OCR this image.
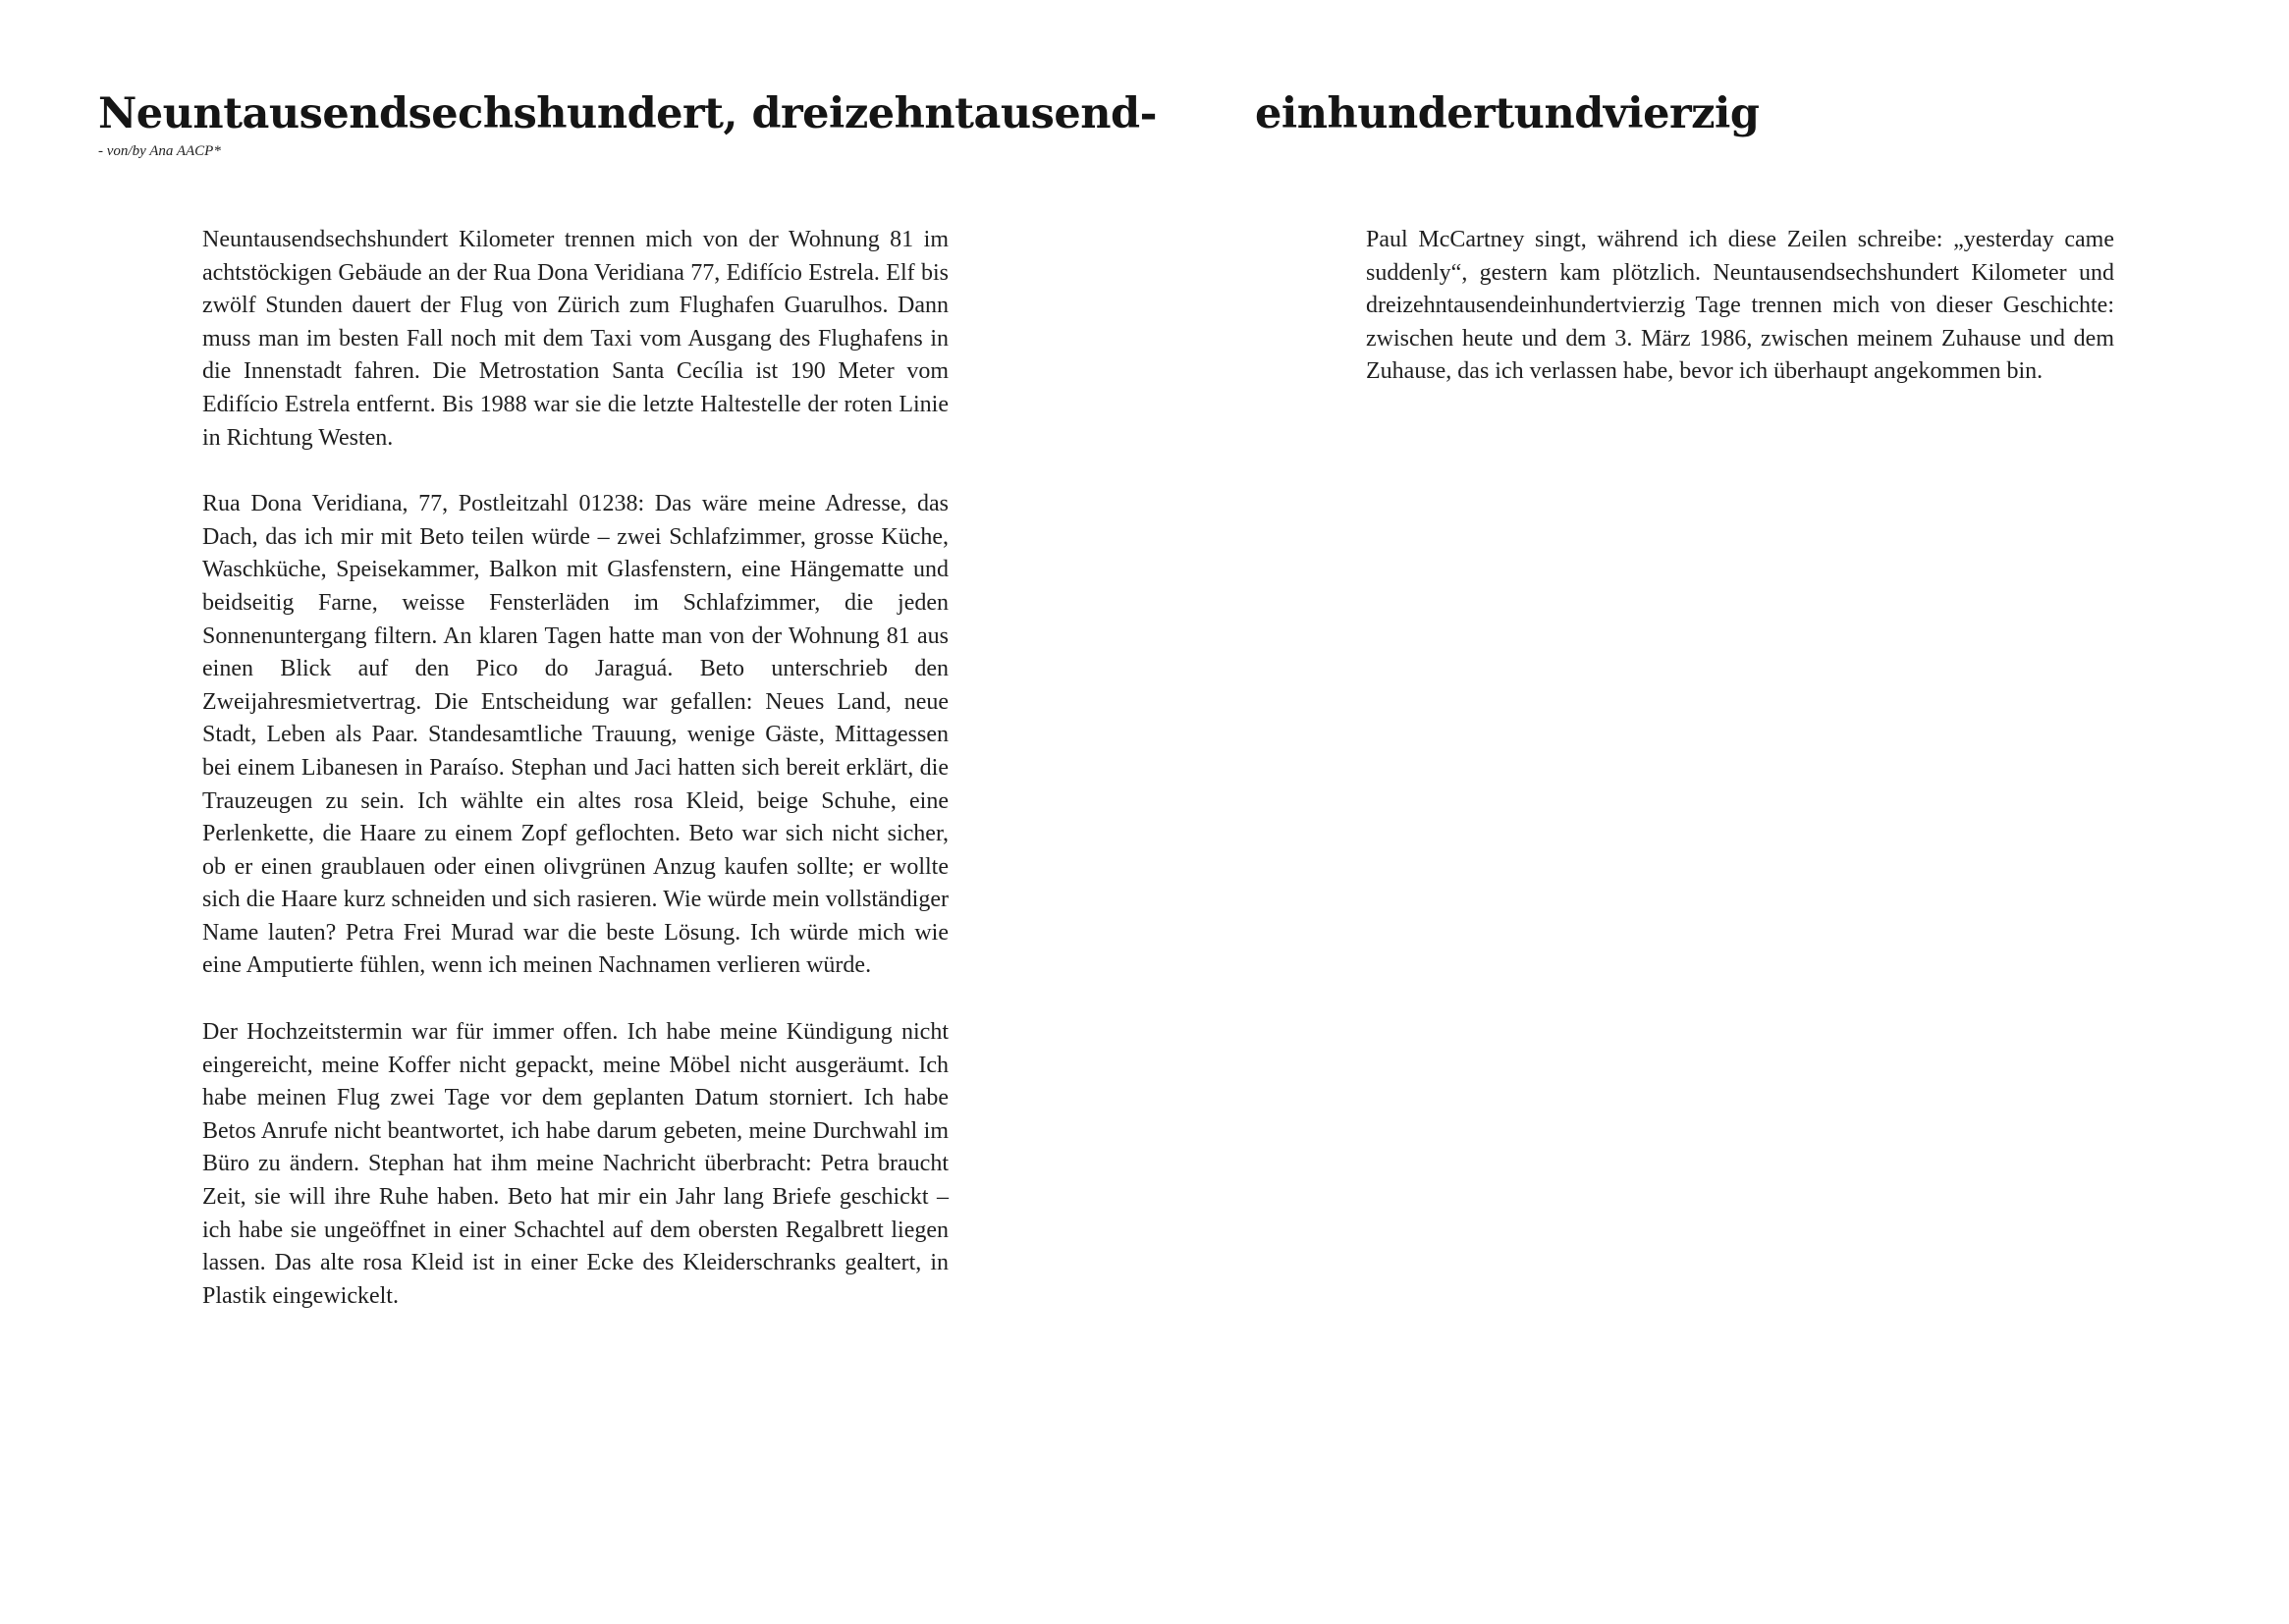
Neuntausendsechshundert, dreizehntausend-
- von/by Ana AACP*

Neuntausendsechshundert Kilometer trennen mich von der Wohnung 81 im achtstöckigen Gebäude an der Rua Dona Veridiana 77, Edifício Estrela. Elf bis zwölf Stunden dauert der Flug von Zürich zum Flughafen Guarulhos. Dann muss man im besten Fall noch mit dem Taxi vom Ausgang des Flughafens in die Innenstadt fahren. Die Metrostation Santa Cecília ist 190 Meter vom Edifício Estrela entfernt. Bis 1988 war sie die letzte Haltestelle der roten Linie in Richtung Westen.

Rua Dona Veridiana, 77, Postleitzahl 01238: Das wäre meine Adresse, das Dach, das ich mir mit Beto teilen würde – zwei Schlafzimmer, grosse Küche, Waschküche, Speisekammer, Balkon mit Glasfenstern, eine Hängematte und beidseitig Farne, weisse Fensterläden im Schlafzimmer, die jeden Sonnenuntergang filtern. An klaren Tagen hatte man von der Wohnung 81 aus einen Blick auf den Pico do Jaraguá. Beto unterschrieb den Zweijahresmietvertrag. Die Entscheidung war gefallen: Neues Land, neue Stadt, Leben als Paar. Standesamtliche Trauung, wenige Gäste, Mittagessen bei einem Libanesen in Paraíso. Stephan und Jaci hatten sich bereit erklärt, die Trauzeugen zu sein. Ich wählte ein altes rosa Kleid, beige Schuhe, eine Perlenkette, die Haare zu einem Zopf geflochten. Beto war sich nicht sicher, ob er einen graublauen oder einen olivgrünen Anzug kaufen sollte; er wollte sich die Haare kurz schneiden und sich rasieren. Wie würde mein vollständiger Name lauten? Petra Frei Murad war die beste Lösung. Ich würde mich wie eine Amputierte fühlen, wenn ich meinen Nachnamen verlieren würde.

Der Hochzeitstermin war für immer offen. Ich habe meine Kündigung nicht eingereicht, meine Koffer nicht gepackt, meine Möbel nicht ausgeräumt. Ich habe meinen Flug zwei Tage vor dem geplanten Datum storniert. Ich habe Betos Anrufe nicht beantwortet, ich habe darum gebeten, meine Durchwahl im Büro zu ändern. Stephan hat ihm meine Nachricht überbracht: Petra braucht Zeit, sie will ihre Ruhe haben. Beto hat mir ein Jahr lang Briefe geschickt – ich habe sie ungeöffnet in einer Schachtel auf dem obersten Regalbrett liegen lassen. Das alte rosa Kleid ist in einer Ecke des Kleiderschranks gealtert, in Plastik eingewickelt.

einhundertundvierzig

Paul McCartney singt, während ich diese Zeilen schreibe: „yesterday came suddenly“, gestern kam plötzlich. Neuntausendsechshundert Kilometer und dreizehntausendeinhundertvierzig Tage trennen mich von dieser Geschichte: zwischen heute und dem 3. März 1986, zwischen meinem Zuhause und dem Zuhause, das ich verlassen habe, bevor ich überhaupt angekommen bin.
